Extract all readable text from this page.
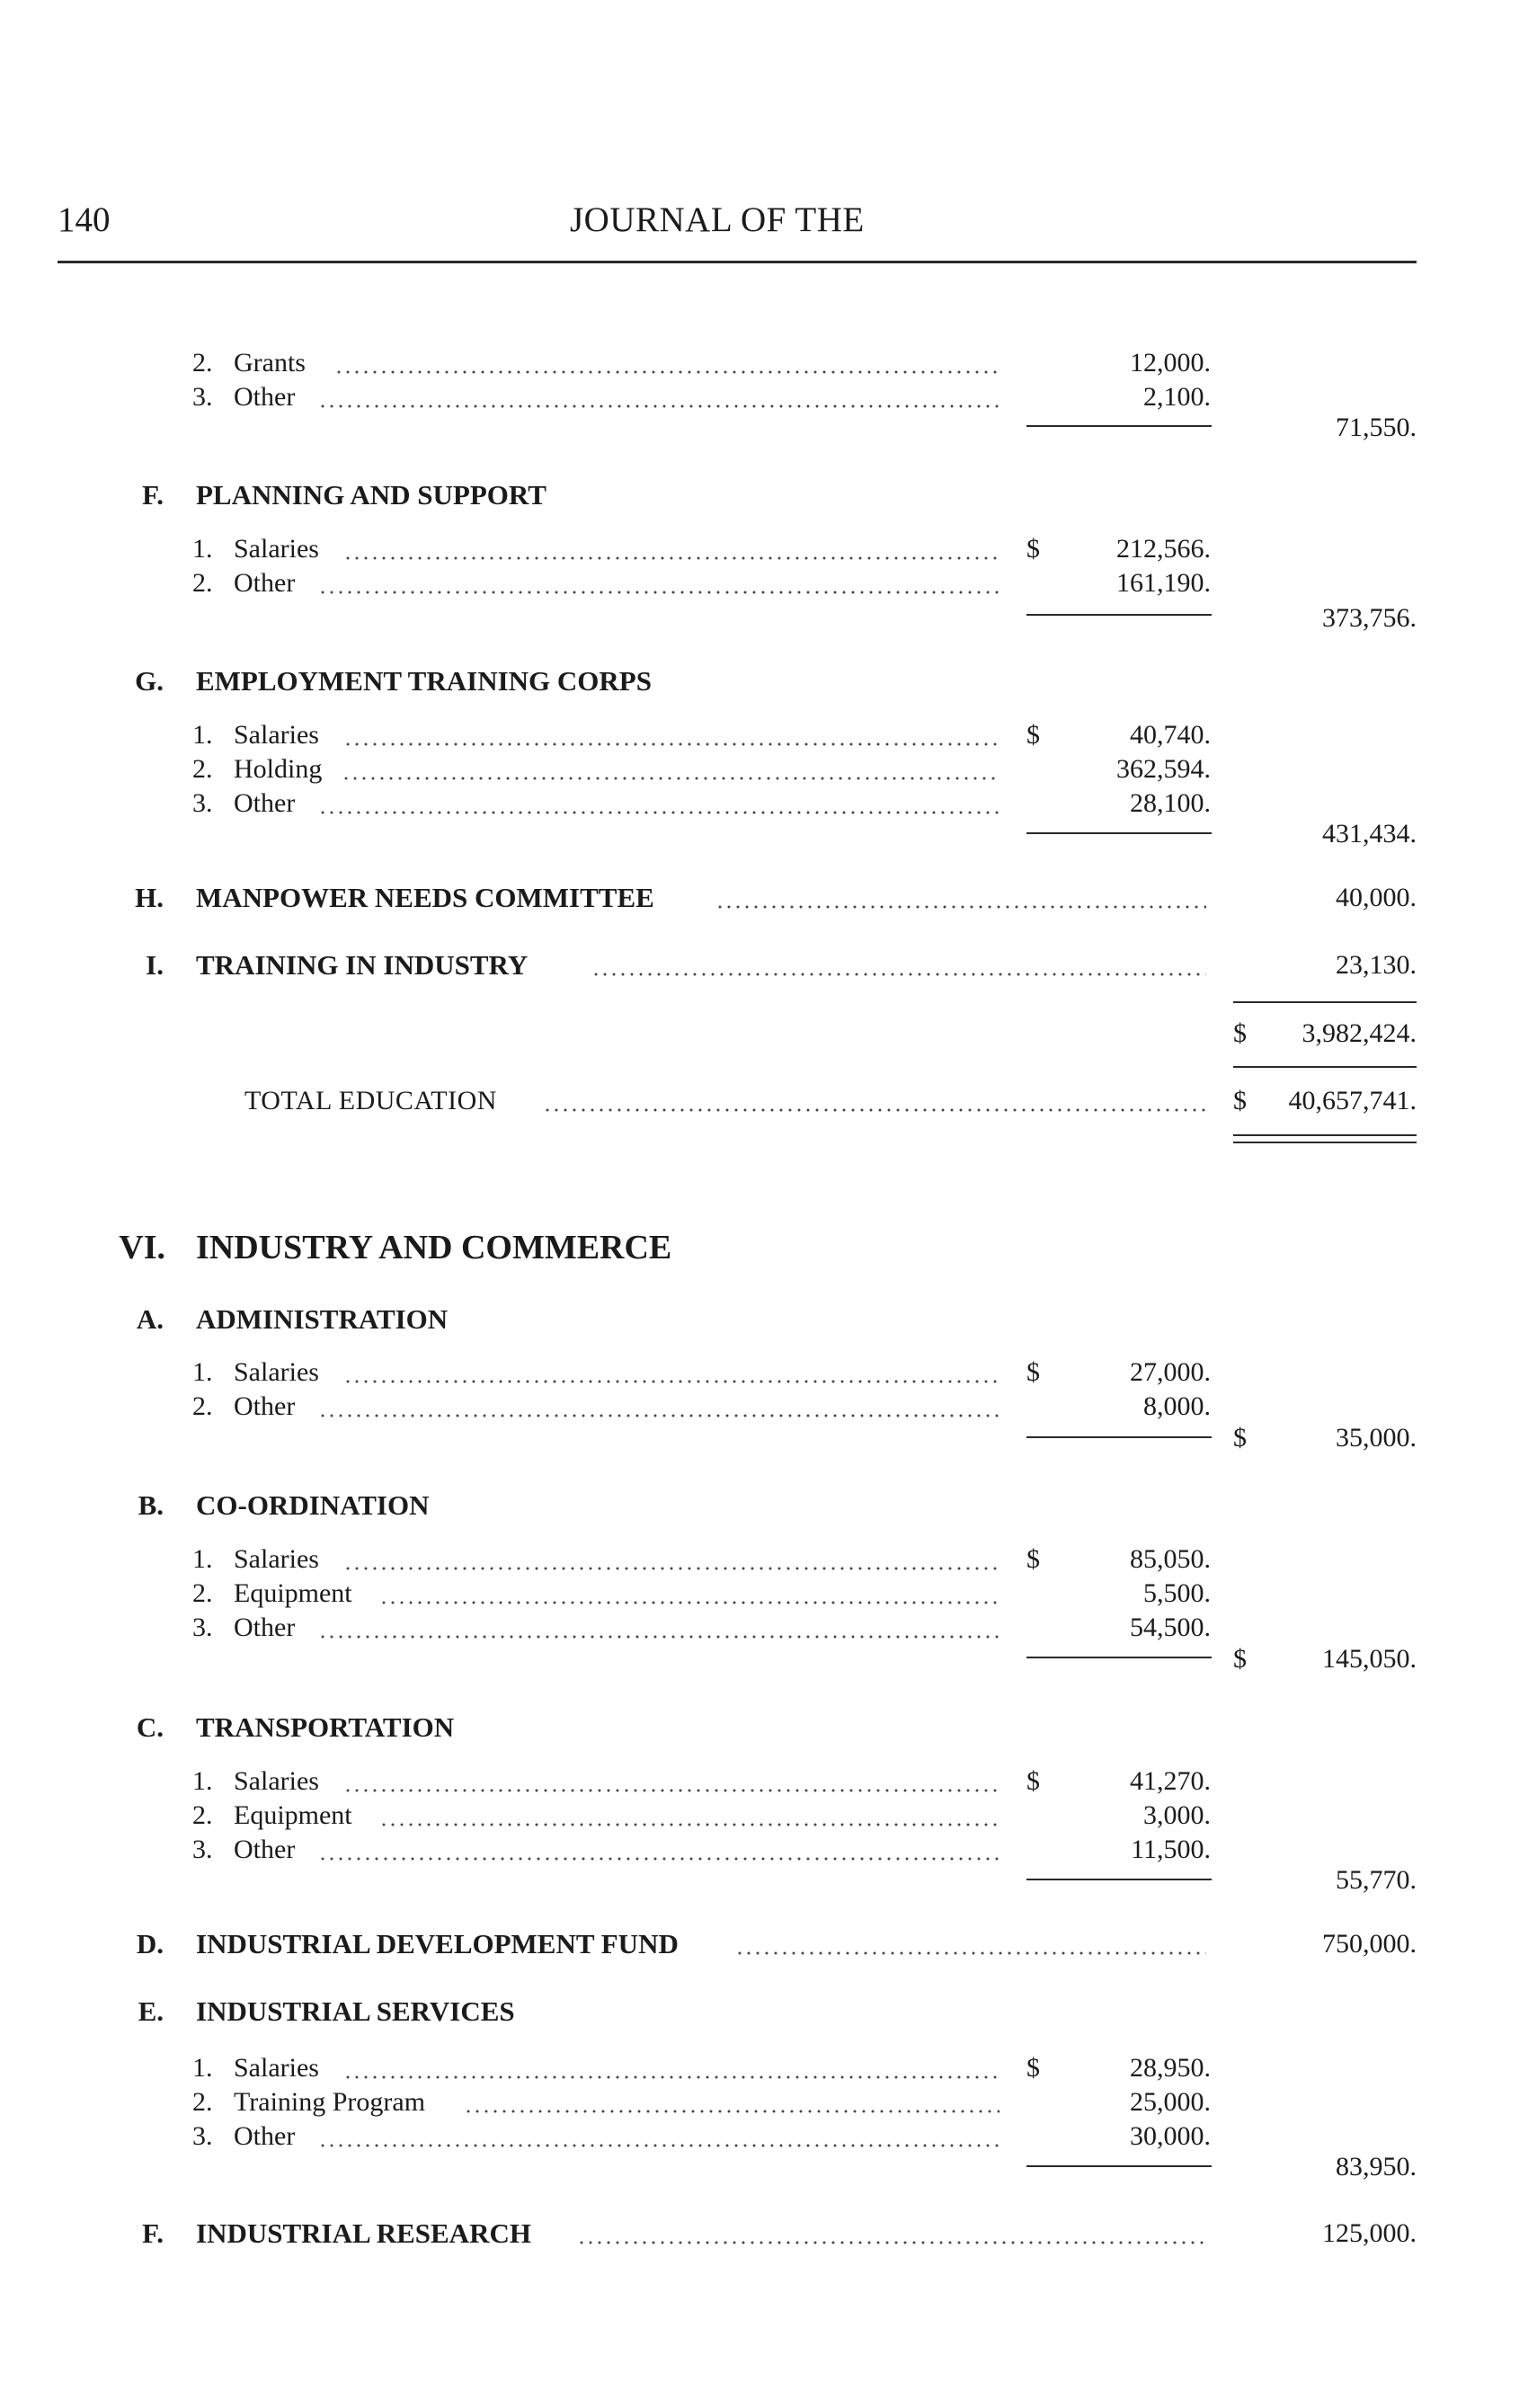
140	JOURNAL OF THE
2. Grants	12,000.
3. Other	2,100.
71,550.
F. PLANNING AND SUPPORT
1. Salaries	$	212,566.
2. Other	161,190.
373,756.
G. EMPLOYMENT TRAINING CORPS
1. Salaries	$	40,740.
2. Holding	362,594.
3. Other	28,100.
431,434.
H. MANPOWER NEEDS COMMITTEE	40,000.
I. TRAINING IN INDUSTRY	23,130.
$ 3,982,424.
TOTAL EDUCATION	$ 40,657,741.
VI. INDUSTRY AND COMMERCE
A. ADMINISTRATION
1. Salaries	$	27,000.
2. Other	8,000.
$	35,000.
B. CO-ORDINATION
1. Salaries	$	85,050.
2. Equipment	5,500.
3. Other	54,500.
$	145,050.
C. TRANSPORTATION
1. Salaries	$	41,270.
2. Equipment	3,000.
3. Other	11,500.
55,770.
D. INDUSTRIAL DEVELOPMENT FUND	750,000.
E. INDUSTRIAL SERVICES
1. Salaries	$	28,950.
2. Training Program	25,000.
3. Other	30,000.
83,950.
F. INDUSTRIAL RESEARCH	125,000.
